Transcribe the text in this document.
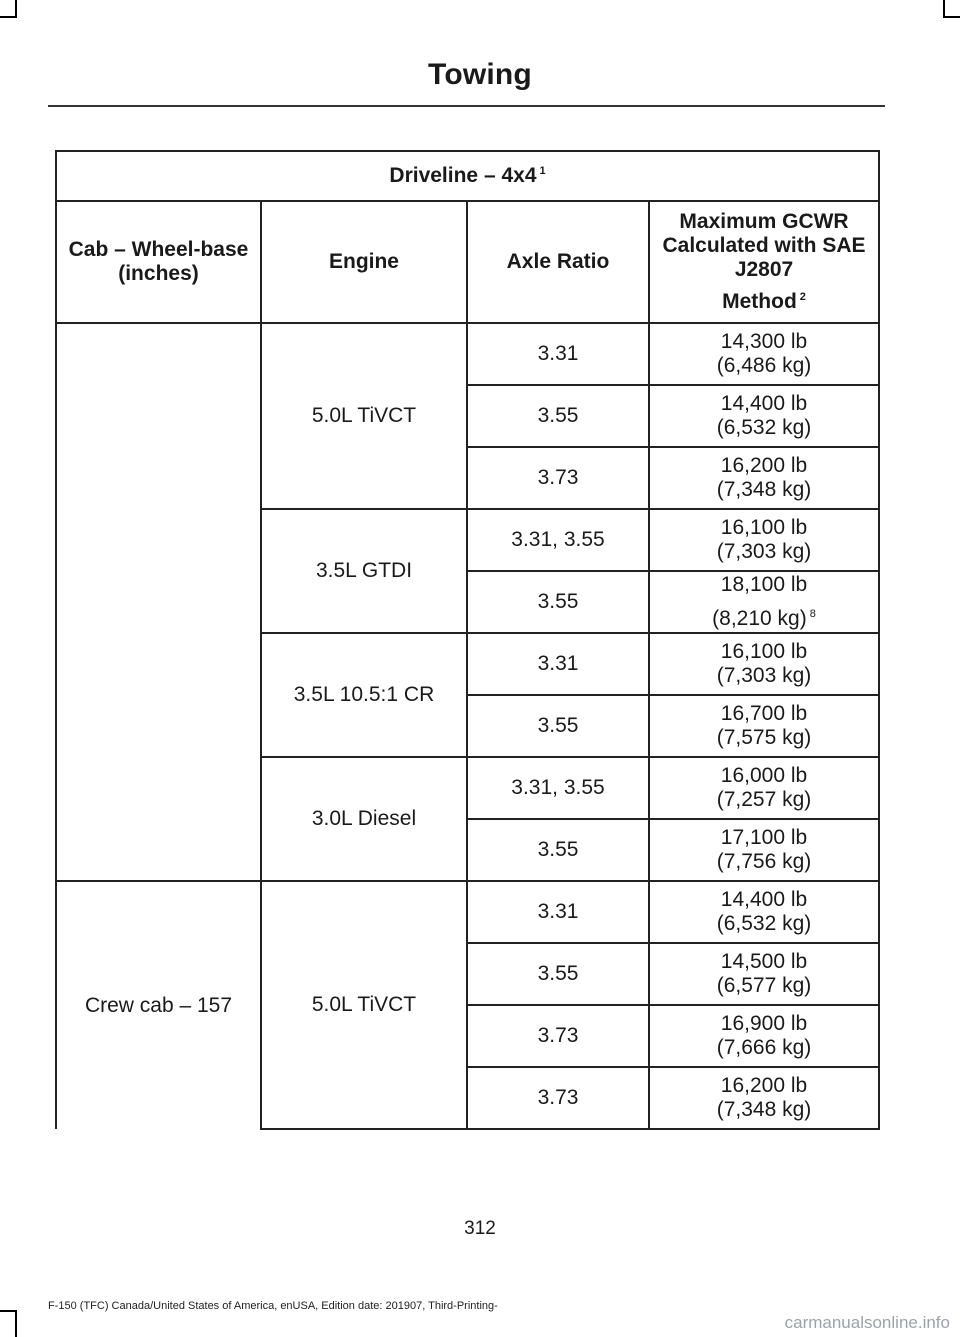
Towing
Driveline – 4x4 $^1$
Cab – Wheel-base (inches)	Engine	Axle Ratio	Maximum GCWR Calculated with SAE J2807
Method $^2$

	5.0L TiVCT	3.31	14,300 lb
(6,486 kg)

		3.55	14,400 lb
(6,532 kg)

		3.73	16,200 lb
(7,348 kg)

	3.5L GTDI	3.31, 3.55	16,100 lb
(7,303 kg)

		3.55	18,100 lb
(8,210 kg) $^8$

	3.5L 10.5:1 CR	3.31	16,100 lb
(7,303 kg)

		3.55	16,700 lb
(7,575 kg)

	3.0L Diesel	3.31, 3.55	16,000 lb
(7,257 kg)

		3.55	17,100 lb
(7,756 kg)

Crew cab – 157	5.0L TiVCT	3.31	14,400 lb
(6,532 kg)

		3.55	14,500 lb
(6,577 kg)

		3.73	16,900 lb
(7,666 kg)

		3.73	16,200 lb
(7,348 kg)
312
F-150 (TFC) Canada/United States of America, enUSA, Edition date: 201907, Third-Printing-
carmanualsonline.info
